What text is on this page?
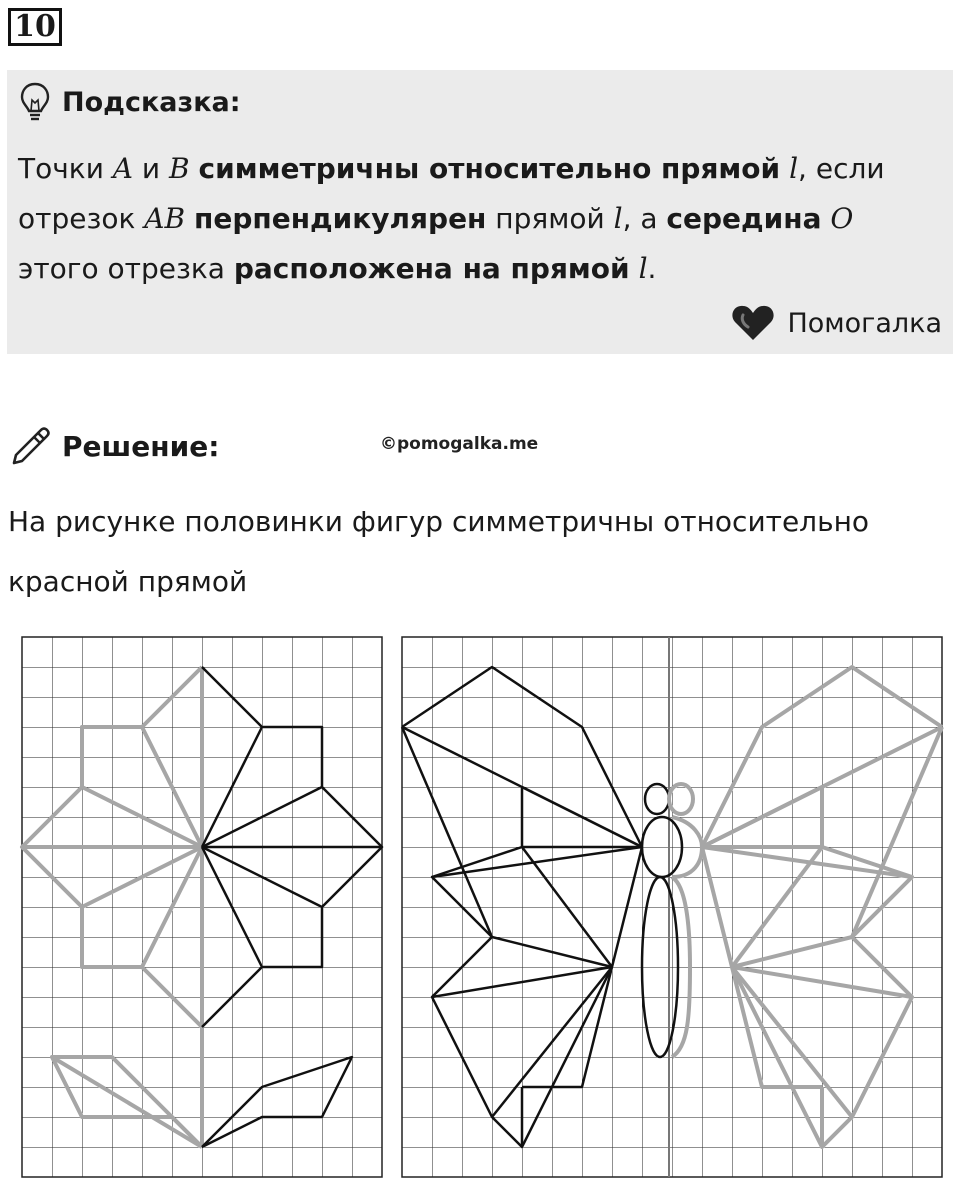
10
Подсказка:
Точки A и B симметричны относительно прямой l, если
отрезок AB перпендикулярен прямой l, а середина O
этого отрезка расположена на прямой l.
Помогалка
Решение:	©pomogalka.me
На рисунке половинки фигур симметричны относительно
красной прямой
